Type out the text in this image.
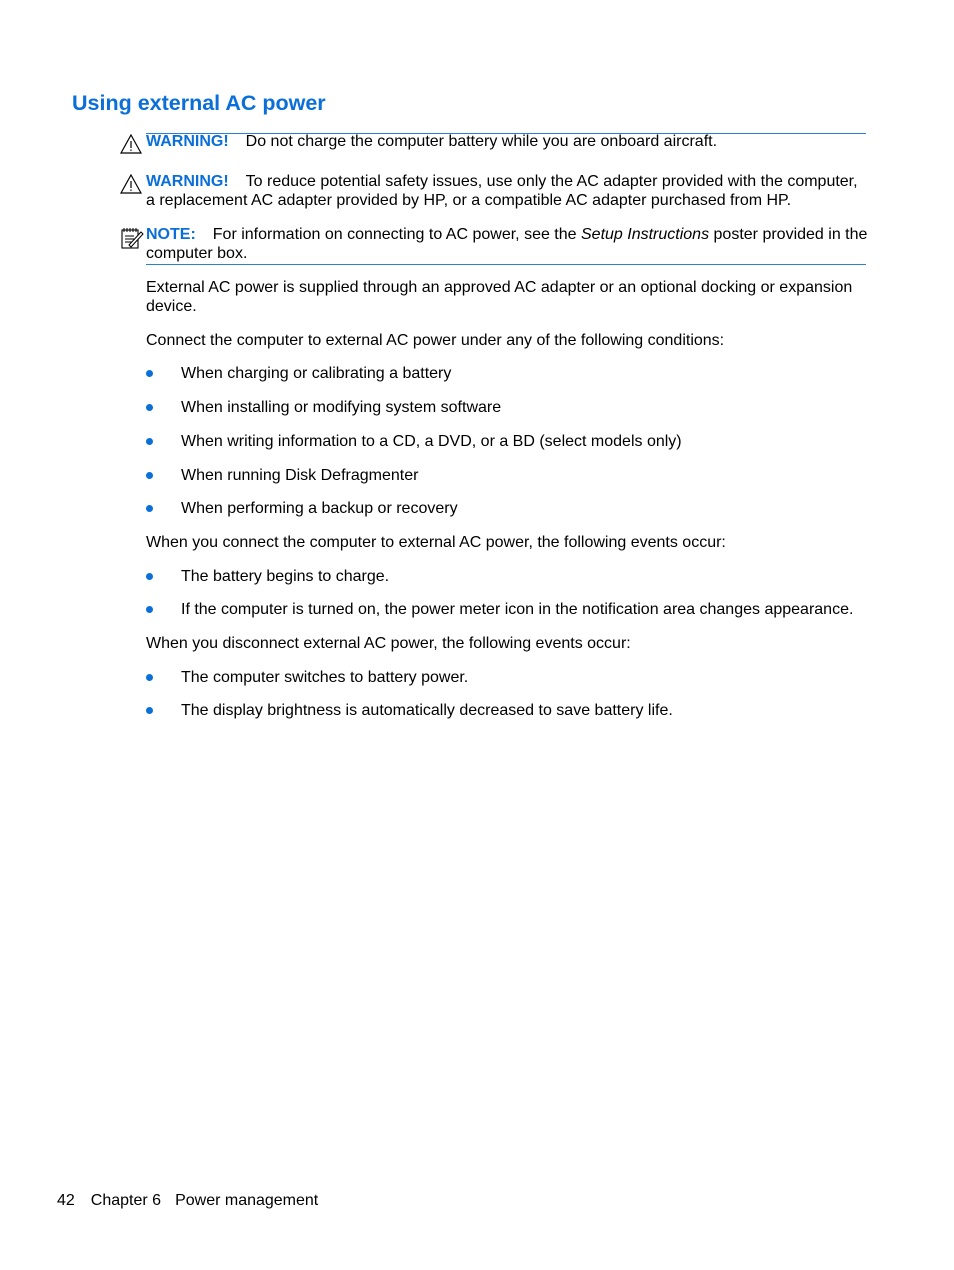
Using external AC power
WARNING! Do not charge the computer battery while you are onboard aircraft.
WARNING! To reduce potential safety issues, use only the AC adapter provided with the computer, a replacement AC adapter provided by HP, or a compatible AC adapter purchased from HP.
NOTE: For information on connecting to AC power, see the Setup Instructions poster provided in the computer box.
External AC power is supplied through an approved AC adapter or an optional docking or expansion device.
Connect the computer to external AC power under any of the following conditions:
When charging or calibrating a battery
When installing or modifying system software
When writing information to a CD, a DVD, or a BD (select models only)
When running Disk Defragmenter
When performing a backup or recovery
When you connect the computer to external AC power, the following events occur:
The battery begins to charge.
If the computer is turned on, the power meter icon in the notification area changes appearance.
When you disconnect external AC power, the following events occur:
The computer switches to battery power.
The display brightness is automatically decreased to save battery life.
42 Chapter 6 Power management
